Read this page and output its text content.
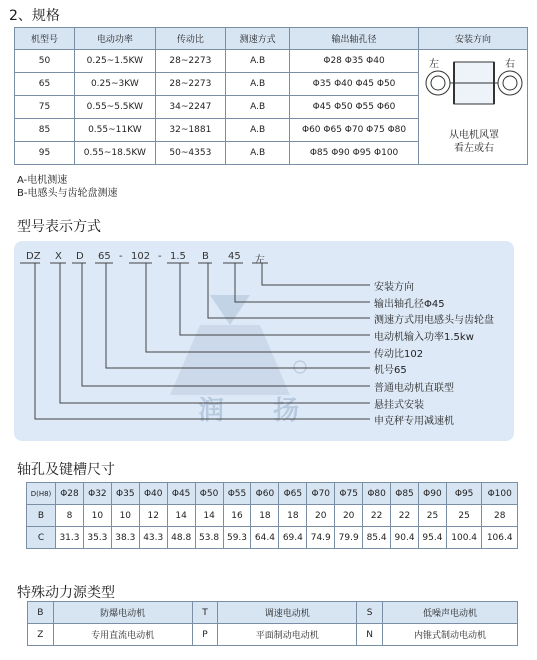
2、规格
机型号	电动功率	传动比	测速方式	输出轴孔径	安装方向
50	0.25~1.5KW	28~2273	A.B	Φ28 Φ35 Φ40	左 右
从电机风罩
看左或右

65	0.25~3KW	28~2273	A.B	Φ35 Φ40 Φ45 Φ50	
75	0.55~5.5KW	34~2247	A.B	Φ45 Φ50 Φ55 Φ60	
85	0.55~11KW	32~1881	A.B	Φ60 Φ65 Φ70 Φ75 Φ80	
95	0.55~18.5KW	50~4353	A.B	Φ85 Φ90 Φ95 Φ100	
A-电机测速
B-电感头与齿轮盘测速
型号表示方式
润 扬
DZ X D 65 - 102 - 1.5 B 45 左
安装方向
输出轴孔径Φ45
测速方式用电感头与齿轮盘
电动机输入功率1.5kw
传动比102
机号65
普通电动机直联型
悬挂式安装
申克秤专用减速机
轴孔及键槽尺寸
D(H8)	Φ28	Φ32	Φ35	Φ40	Φ45	Φ50	Φ55	Φ60	Φ65	Φ70	Φ75	Φ80	Φ85	Φ90	Φ95	Φ100
B	8	10	10	12	14	14	16	18	18	20	20	22	22	25	25	28
C	31.3	35.3	38.3	43.3	48.8	53.8	59.3	64.4	69.4	74.9	79.9	85.4	90.4	95.4	100.4	106.4
特殊动力源类型
B	防爆电动机	T	调速电动机	S	低噪声电动机
Z	专用直流电动机	P	平面制动电动机	N	内锥式制动电动机
